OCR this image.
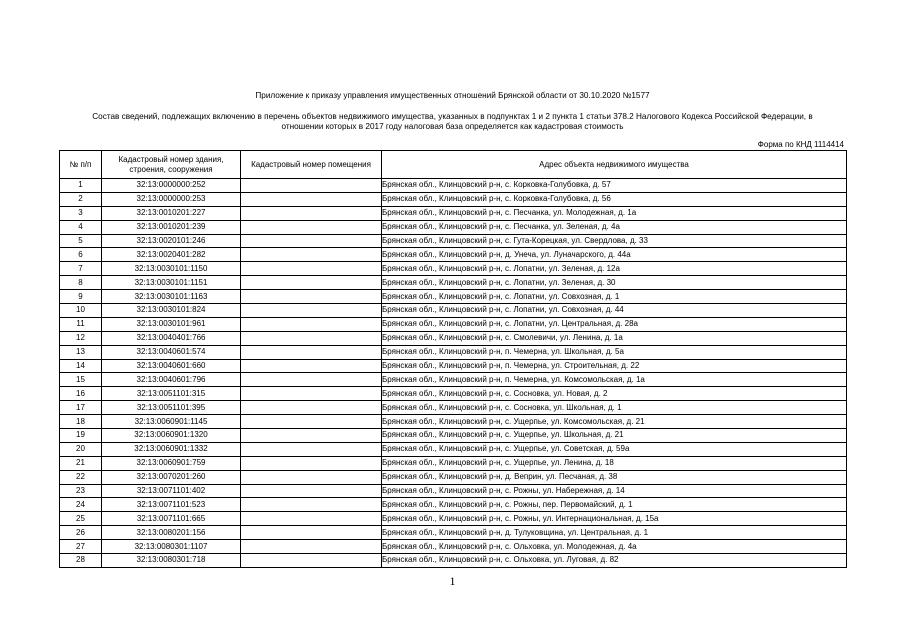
Приложение к приказу управления имущественных отношений Брянской области от 30.10.2020 №1577
Состав сведений, подлежащих включению в перечень объектов недвижимого имущества, указанных в подпунктах 1 и 2 пункта 1 статьи 378.2 Налогового Кодекса Российской Федерации, в
отношении которых в 2017 году налоговая база определяется как кадастровая стоимость
Форма по КНД 1114414
№ п/п	Кадастровый номер здания, строения, сооружения	Кадастровый номер помещения	Адрес объекта недвижимого имущества
1	32:13:0000000:252		Брянская обл., Клинцовский р-н, с. Корковка-Голубовка, д. 57
2	32:13:0000000:253		Брянская обл., Клинцовский р-н, с. Корковка-Голубовка, д. 56
3	32:13:0010201:227		Брянская обл., Клинцовский р-н, с. Песчанка, ул. Молодежная, д. 1а
4	32:13:0010201:239		Брянская обл., Клинцовский р-н, с. Песчанка, ул. Зеленая, д. 4а
5	32:13:0020101:246		Брянская обл., Клинцовский р-н, с. Гута-Корецкая, ул. Свердлова, д. 33
6	32:13:0020401:282		Брянская обл., Клинцовский р-н, д. Унеча, ул. Луначарского, д. 44а
7	32:13:0030101:1150		Брянская обл., Клинцовский р-н, с. Лопатни, ул. Зеленая, д. 12а
8	32:13:0030101:1151		Брянская обл., Клинцовский р-н, с. Лопатни, ул. Зеленая, д. 30
9	32:13:0030101:1163		Брянская обл., Клинцовский р-н, с. Лопатни, ул. Совхозная, д. 1
10	32:13:0030101:824		Брянская обл., Клинцовский р-н, с. Лопатни, ул. Совхозная, д. 44
11	32:13:0030101:961		Брянская обл., Клинцовский р-н, с. Лопатни, ул. Центральная, д. 28а
12	32:13:0040401:766		Брянская обл., Клинцовский р-н, с. Смолевичи, ул. Ленина, д. 1а
13	32:13:0040601:574		Брянская обл., Клинцовский р-н, п. Чемерна, ул. Школьная, д. 5а
14	32:13:0040601:660		Брянская обл., Клинцовский р-н, п. Чемерна, ул. Строительная, д. 22
15	32:13:0040601:796		Брянская обл., Клинцовский р-н, п. Чемерна, ул. Комсомольская, д. 1а
16	32:13:0051101:315		Брянская обл., Клинцовский р-н, с. Сосновка, ул. Новая, д. 2
17	32:13:0051101:395		Брянская обл., Клинцовский р-н, с. Сосновка, ул. Школьная, д. 1
18	32:13:0060901:1145		Брянская обл., Клинцовский р-н, с. Ущерпье, ул. Комсомольская, д. 21
19	32:13:0060901:1320		Брянская обл., Клинцовский р-н, с. Ущерпье, ул. Школьная, д. 21
20	32:13:0060901:1332		Брянская обл., Клинцовский р-н, с. Ущерпье, ул. Советская, д. 59а
21	32:13:0060901:759		Брянская обл., Клинцовский р-н, с. Ущерпье, ул. Ленина, д. 18
22	32:13:0070201:260		Брянская обл., Клинцовский р-н, д. Веприн, ул. Песчаная, д. 38
23	32:13:0071101:402		Брянская обл., Клинцовский р-н, с. Рожны, ул. Набережная, д. 14
24	32:13:0071101:523		Брянская обл., Клинцовский р-н, с. Рожны, пер. Первомайский, д. 1
25	32:13:0071101:665		Брянская обл., Клинцовский р-н, с. Рожны, ул. Интернациональная, д. 15а
26	32:13:0080201:156		Брянская обл., Клинцовский р-н, д. Тулуковщина, ул. Центральная, д. 1
27	32:13:0080301:1107		Брянская обл., Клинцовский р-н, с. Ольховка, ул. Молодежная, д. 4а
28	32:13:0080301:718		Брянская обл., Клинцовский р-н, с. Ольховка, ул. Луговая, д. 82
1
